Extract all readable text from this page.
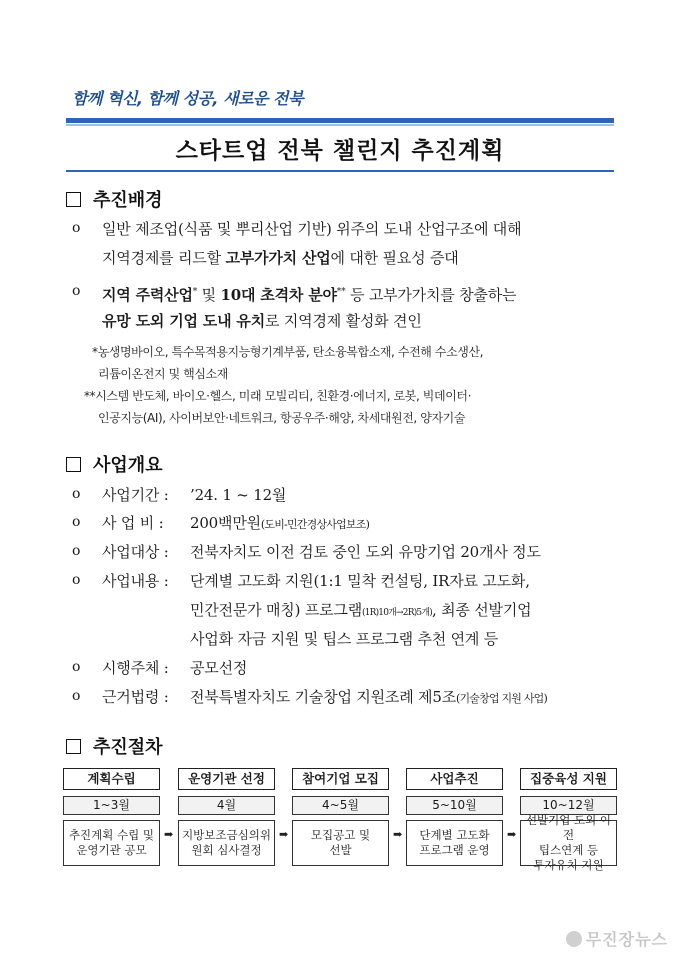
함께 혁신, 함께 성공, 새로운 전북
스타트업 전북 챌린지 추진계획
추진배경
o 일반 제조업(식품 및 뿌리산업 기반) 위주의 도내 산업구조에 대해
지역경제를 리드할 고부가가치 산업에 대한 필요성 증대
o 지역 주력산업* 및 10대 초격차 분야** 등 고부가가치를 창출하는
유망 도외 기업 도내 유치로 지역경제 활성화 견인
*농생명바이오, 특수목적용지능형기계부품, 탄소융복합소재, 수전해 수소생산,
리튬이온전지 및 핵심소재
**시스템 반도체, 바이오·헬스, 미래 모빌리티, 친환경·에너지, 로봇, 빅데이터·
인공지능(AI), 사이버보안·네트워크, 항공우주·해양, 차세대원전, 양자기술
사업개요
o 사업기간 : ’24. 1 ~ 12월
o 사 업 비 : 200백만원(도비-민간경상사업보조)
o 사업대상 : 전북자치도 이전 검토 중인 도외 유망기업 20개사 정도
o 사업내용 : 단계별 고도화 지원(1:1 밀착 컨설팅, IR자료 고도화,
민간전문가 매칭) 프로그램(1R)10개→2R)5개), 최종 선발기업
사업화 자금 지원 및 팁스 프로그램 추천 연계 등
o 시행주체 : 공모선정
o 근거법령 : 전북특별자치도 기술창업 지원조례 제5조(기술창업 지원 사업)
추진절차
계획수립
1~3월
추진계획 수립 및
운영기관 공모
➡
운영기관 선정
4월
지방보조금심의위
원회 심사결정
➡
참여기업 모집
4~5월
모집공고 및
선발
➡
사업추진
5~10월
단계별 고도화
프로그램 운영
➡
집중육성 지원
10~12월
선발기업 도외 이전
팁스연계 등
투자유치 지원
무진장뉴스
